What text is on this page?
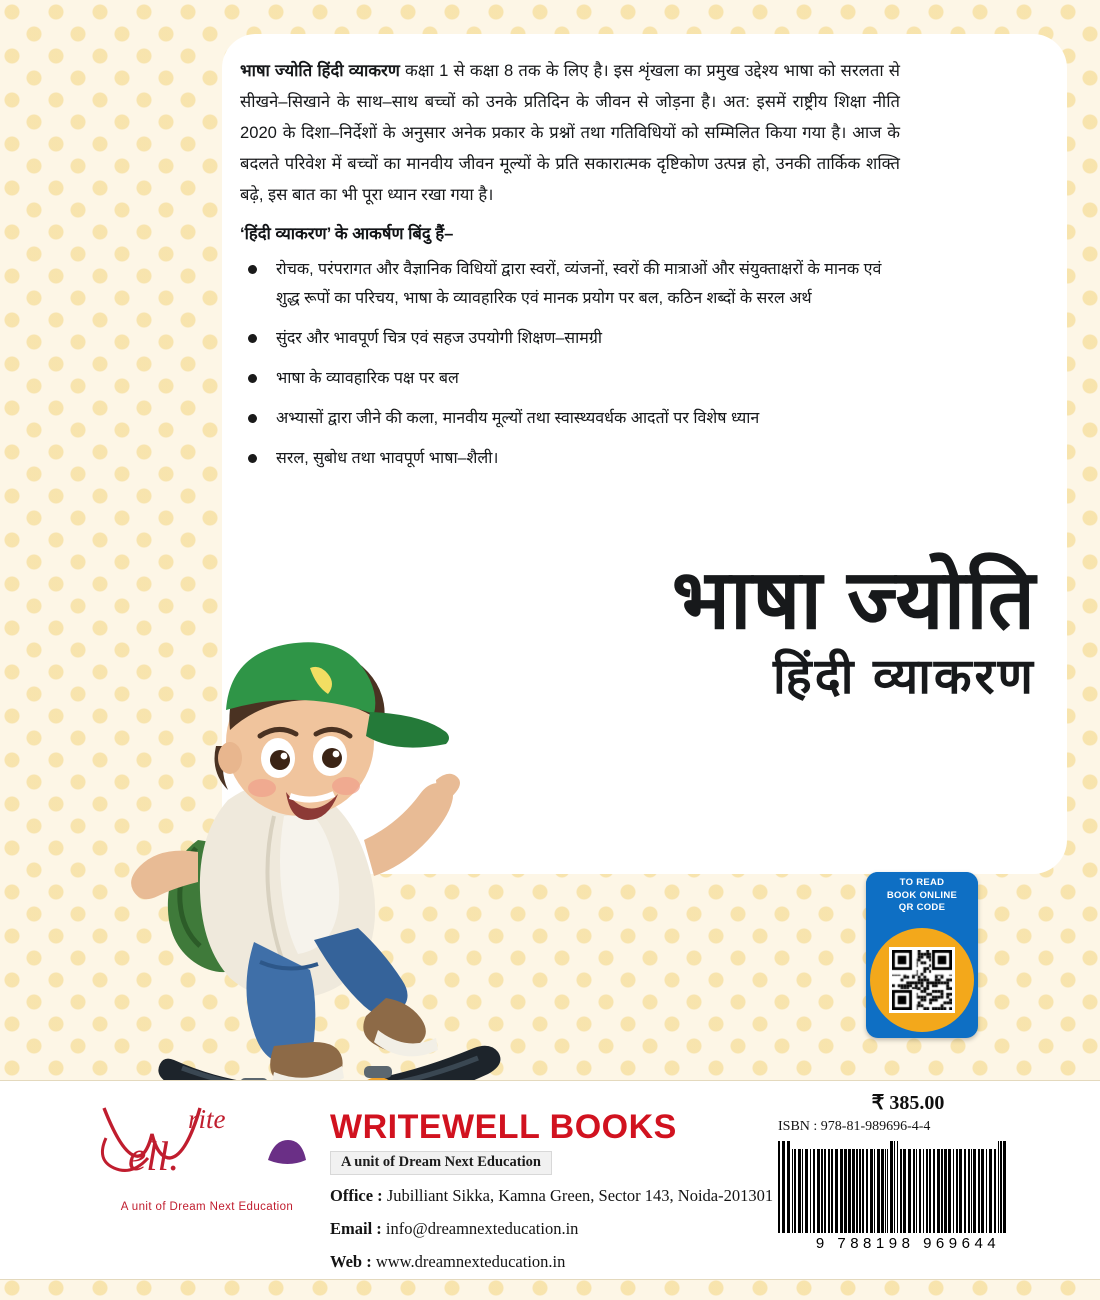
भाषा ज्योति हिंदी व्याकरण कक्षा 1 से कक्षा 8 तक के लिए है। इस शृंखला का प्रमुख उद्देश्य भाषा को सरलता से सीखने–सिखाने के साथ–साथ बच्चों को उनके प्रतिदिन के जीवन से जोड़ना है। अत: इसमें राष्ट्रीय शिक्षा नीति 2020 के दिशा–निर्देशों के अनुसार अनेक प्रकार के प्रश्नों तथा गतिविधियों को सम्मिलित किया गया है। आज के बदलते परिवेश में बच्चों का मानवीय जीवन मूल्यों के प्रति सकारात्मक दृष्टिकोण उत्पन्न हो, उनकी तार्किक शक्ति बढ़े, इस बात का भी पूरा ध्यान रखा गया है।

‘हिंदी व्याकरण’ के आकर्षण बिंदु हैं–
रोचक, परंपरागत और वैज्ञानिक विधियों द्वारा स्वरों, व्यंजनों, स्वरों की मात्राओं और संयुक्ताक्षरों के मानक एवं शुद्ध रूपों का परिचय, भाषा के व्यावहारिक एवं मानक प्रयोग पर बल, कठिन शब्दों के सरल अर्थ
सुंदर और भावपूर्ण चित्र एवं सहज उपयोगी शिक्षण–सामग्री
भाषा के व्यावहारिक पक्ष पर बल
अभ्यासों द्वारा जीने की कला, मानवीय मूल्यों तथा स्वास्थ्यवर्धक आदतों पर विशेष ध्यान
सरल, सुबोध तथा भावपूर्ण भाषा–शैली।
भाषा ज्योति
हिंदी व्याकरण
TO READ
BOOK ONLINE
QR CODE
rite
ell.
A unit of Dream Next Education
WRITEWELL BOOKS
A unit of Dream Next Education
Office : Jubilliant Sikka, Kamna Green, Sector 143, Noida-201301
Email : info@dreamnexteducation.in
Web : www.dreamnexteducation.in
₹ 385.00
ISBN : 978-81-989696-4-4
9 788198 969644
